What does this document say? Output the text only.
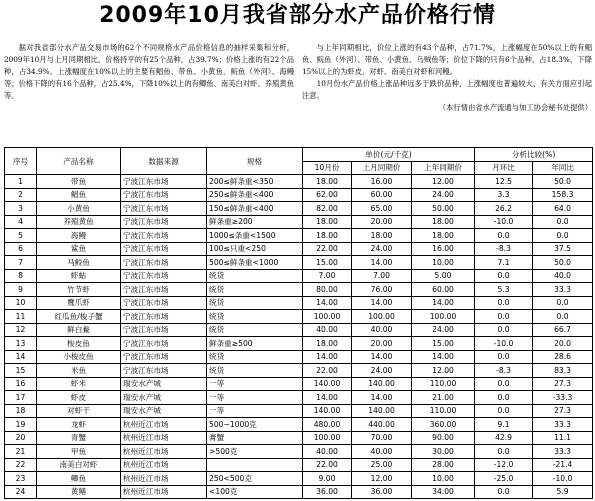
2009年10月我省部分水产品价格行情

据对我省部分水产品交易市场的62个不同规格水产品价格信息的抽样采集和分析，2009年10月与上月同期相比，价格持平的有25个品种，占39.7%；价格上涨的有22个品种，占34.9%。上涨幅度在10%以上的主要有鲳鱼、带鱼、小黄鱼、鲩鱼（外河）、海鳗等；价格下降的有16个品种，占25.4%，下降10%以上的有鲫鱼、南美白对虾、养殖黄鱼等。

与上年同期相比，价位上涨的有43个品种，占71.7%，上涨幅度在50%以上的有鲳鱼、鲩鱼（外河）、带鱼、小黄鱼、乌贼鱼等；价位下降的只有6个品种，占18.3%，下降15%以上的为虾皮、对虾、南美白对虾和河鳗。

10月份水产品价格上涨品种远多于跌价品种，上涨幅度也普遍较大，有关方面应引起注意。

（本行情由省水产流通与加工协会秘书处提供）

序号	产品名称	数据来源	规格	单价(元/千克)			分析比较(%)	
				10月份	上月同期价	上年同期价	月环比	年同比
1	带鱼	宁波江东市场	200≤鲜条重<350	18.00	16.00	12.00	12.5	50.0
2	鲳鱼	宁波江东市场	250≤鲜条重<400	62.00	60.00	24.00	3.3	158.3
3	小黄鱼	宁波江东市场	150≤鲜条重<400	82.00	65.00	50.00	26.2	64.0
4	养殖黄鱼	宁波江东市场	鲜条重≥200	18.00	20.00	18.00	-10.0	0.0
5	海鳗	宁波江东市场	1000≤条重<1500	18.00	18.00	18.00	0.0	0.0
6	鲨鱼	宁波江东市场	100≤只重<250	22.00	24.00	16.00	-8.3	37.5
7	马鲛鱼	宁波江东市场	500≤鲜条重<1000	15.00	14.00	10.00	7.1	50.0
8	虾蛄	宁波江东市场	统货	7.00	7.00	5.00	0.0	40.0
9	竹节虾	宁波江东市场	统货	80.00	76.00	60.00	5.3	33.3
10	鹰爪虾	宁波江东市场	统货	14.00	14.00	14.00	0.0	0.0
11	红瓜鱼/梭子蟹	宁波江东市场	统货	100.00	100.00	100.00	0.0	0.0
12	鲜白鲞	宁波江东市场	统货	40.00	40.00	24.00	0.0	66.7
13	梭皮鱼	宁波江东市场	鲜条重≥500	18.00	20.00	15.00	-10.0	20.0
14	小梭皮鱼	宁波江东市场	统货	14.00	14.00	14.00	0.0	28.6
15	米鱼	宁波江东市场	统货	22.00	24.00	12.00	-8.3	83.3
16	虾米	瑞安水产城	一等	140.00	140.00	110.00	0.0	27.3
17	虾皮	瑞安水产城	一等	14.00	14.00	21.00	0.0	-33.3
18	对虾干	瑞安水产城	一等	140.00	140.00	110.00	0.0	27.3
19	龙虾	杭州近江市场	500~1000克	480.00	440.00	360.00	9.1	33.3
20	青蟹	杭州近江市场	膏蟹	100.00	70.00	90.00	42.9	11.1
21	甲鱼	杭州近江市场	>500克	40.00	40.00	30.00	0.0	33.3
22	南美白对虾	杭州近江市场		22.00	25.00	28.00	-12.0	-21.4
23	鲫鱼	杭州近江市场	250<500克	9.00	12.00	10.00	-25.0	-10.0
24	黄鳝	杭州近江市场	<100克	36.00	36.00	34.00	0.0	5.9
